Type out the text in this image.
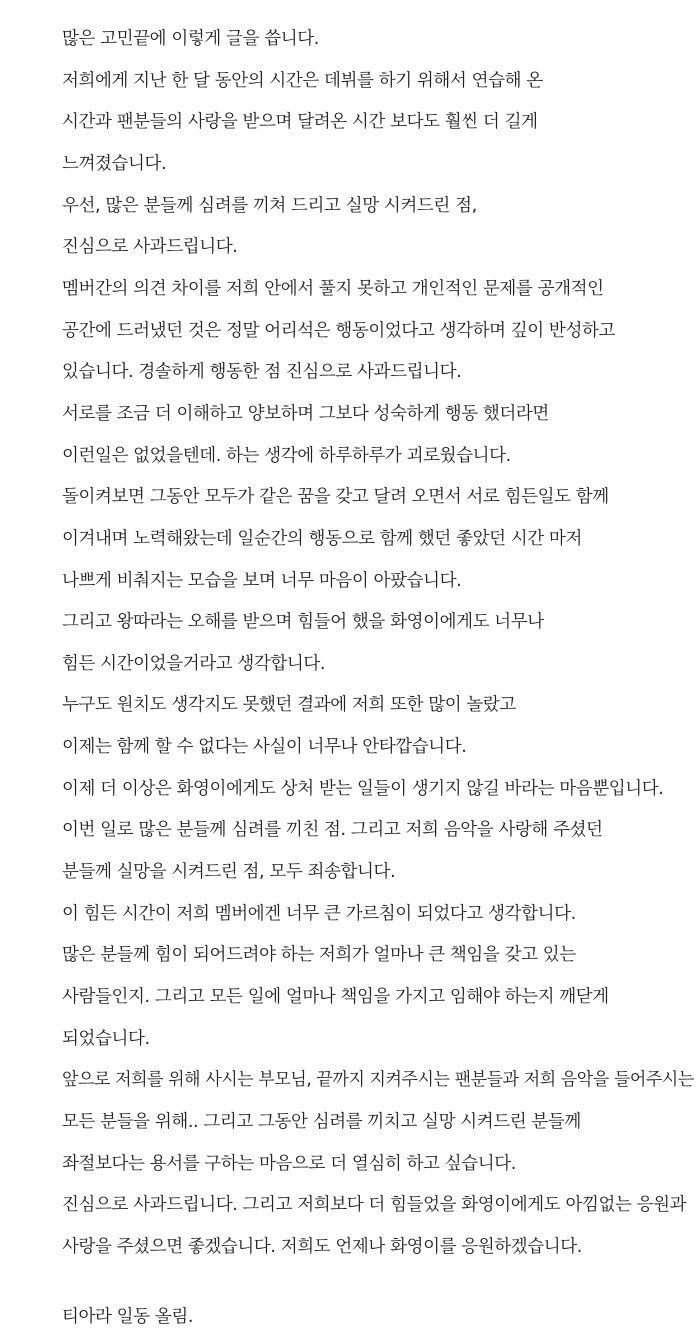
많은 고민끝에 이렇게 글을 씁니다.
저희에게 지난 한 달 동안의 시간은 데뷔를 하기 위해서 연습해 온
시간과 팬분들의 사랑을 받으며 달려온 시간 보다도 훨씬 더 길게
느껴졌습니다.
우선, 많은 분들께 심려를 끼쳐 드리고 실망 시켜드린 점,
진심으로 사과드립니다.
멤버간의 의견 차이를 저희 안에서 풀지 못하고 개인적인 문제를 공개적인
공간에 드러냈던 것은 정말 어리석은 행동이었다고 생각하며 깊이 반성하고
있습니다. 경솔하게 행동한 점 진심으로 사과드립니다.
서로를 조금 더 이해하고 양보하며 그보다 성숙하게 행동 했더라면
이런일은 없었을텐데. 하는 생각에 하루하루가 괴로웠습니다.
돌이켜보면 그동안 모두가 같은 꿈을 갖고 달려 오면서 서로 힘든일도 함께
이겨내며 노력해왔는데 일순간의 행동으로 함께 했던 좋았던 시간 마저
나쁘게 비춰지는 모습을 보며 너무 마음이 아팠습니다.
그리고 왕따라는 오해를 받으며 힘들어 했을 화영이에게도 너무나
힘든 시간이었을거라고 생각합니다.
누구도 원치도 생각지도 못했던 결과에 저희 또한 많이 놀랐고
이제는 함께 할 수 없다는 사실이 너무나 안타깝습니다.
이제 더 이상은 화영이에게도 상처 받는 일들이 생기지 않길 바라는 마음뿐입니다.
이번 일로 많은 분들께 심려를 끼친 점. 그리고 저희 음악을 사랑해 주셨던
분들께 실망을 시켜드린 점, 모두 죄송합니다.
이 힘든 시간이 저희 멤버에겐 너무 큰 가르침이 되었다고 생각합니다.
많은 분들께 힘이 되어드려야 하는 저희가 얼마나 큰 책임을 갖고 있는
사람들인지. 그리고 모든 일에 얼마나 책임을 가지고 임해야 하는지 깨닫게
되었습니다.
앞으로 저희를 위해 사시는 부모님, 끝까지 지켜주시는 팬분들과 저희 음악을 들어주시는
모든 분들을 위해.. 그리고 그동안 심려를 끼치고 실망 시켜드린 분들께
좌절보다는 용서를 구하는 마음으로 더 열심히 하고 싶습니다.
진심으로 사과드립니다. 그리고 저희보다 더 힘들었을 화영이에게도 아낌없는 응원과
사랑을 주셨으면 좋겠습니다. 저희도 언제나 화영이를 응원하겠습니다.
티아라 일동 올림.
